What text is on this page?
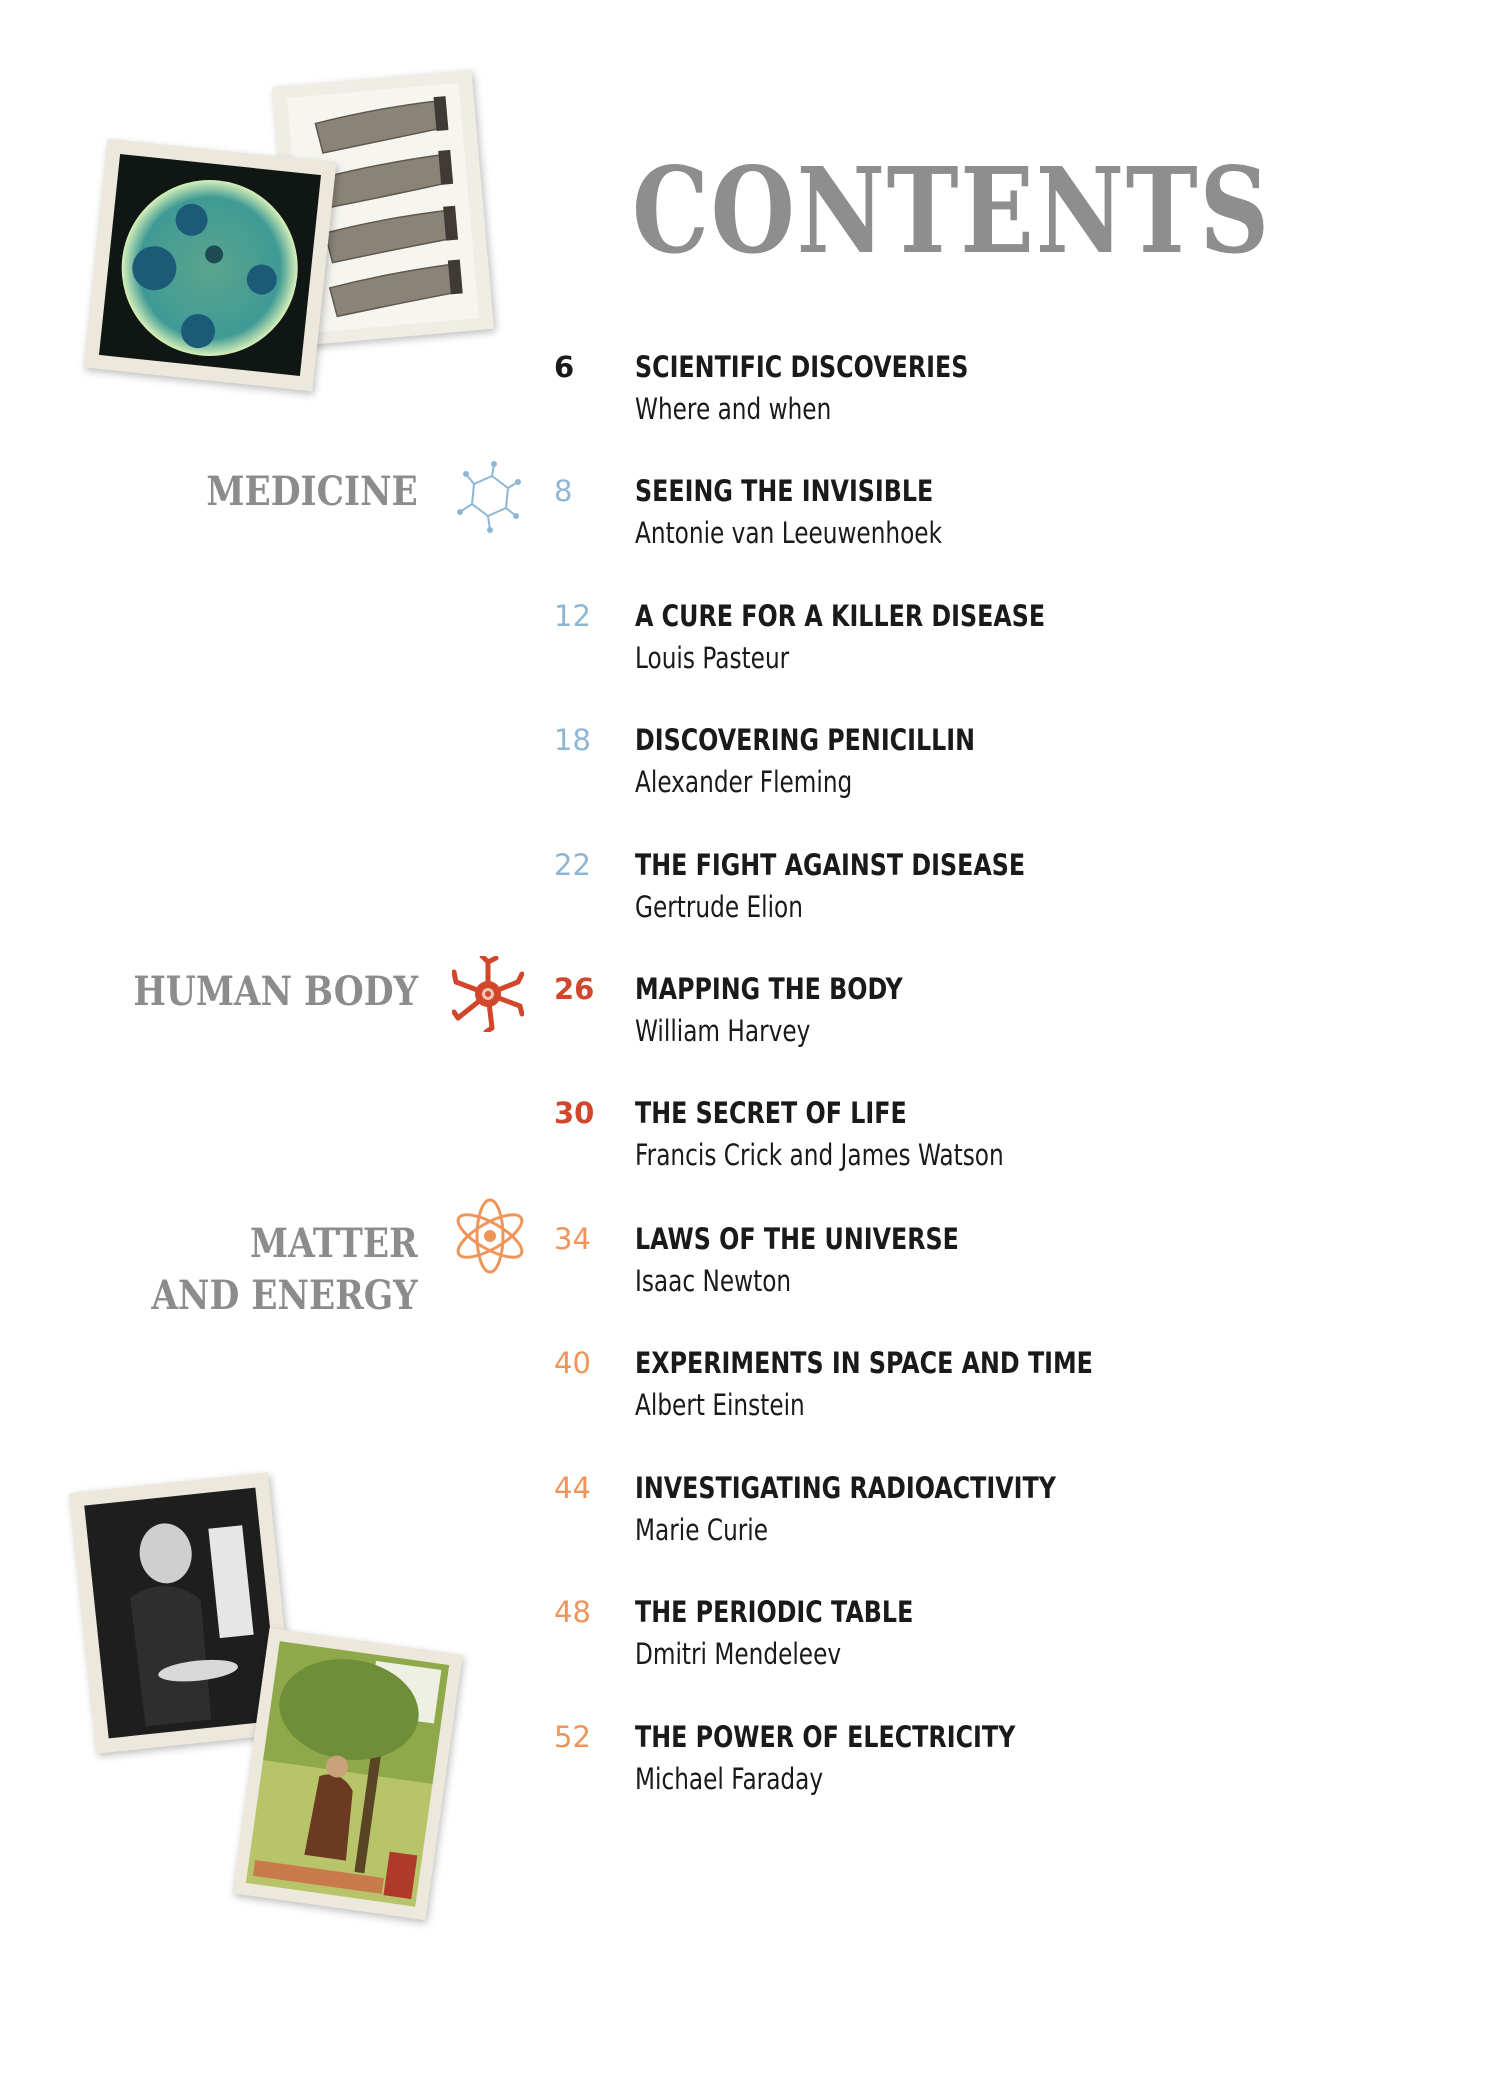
CONTENTS
MEDICINE
HUMAN BODY
MATTER
AND ENERGY
6	SCIENTIFIC DISCOVERIES
Where and when
8	SEEING THE INVISIBLE
Antonie van Leeuwenhoek
12	A CURE FOR A KILLER DISEASE
Louis Pasteur
18	DISCOVERING PENICILLIN
Alexander Fleming
22	THE FIGHT AGAINST DISEASE
Gertrude Elion
26	MAPPING THE BODY
William Harvey
30	THE SECRET OF LIFE
Francis Crick and James Watson
34	LAWS OF THE UNIVERSE
Isaac Newton
40	EXPERIMENTS IN SPACE AND TIME
Albert Einstein
44	INVESTIGATING RADIOACTIVITY
Marie Curie
48	THE PERIODIC TABLE
Dmitri Mendeleev
52	THE POWER OF ELECTRICITY
Michael Faraday
